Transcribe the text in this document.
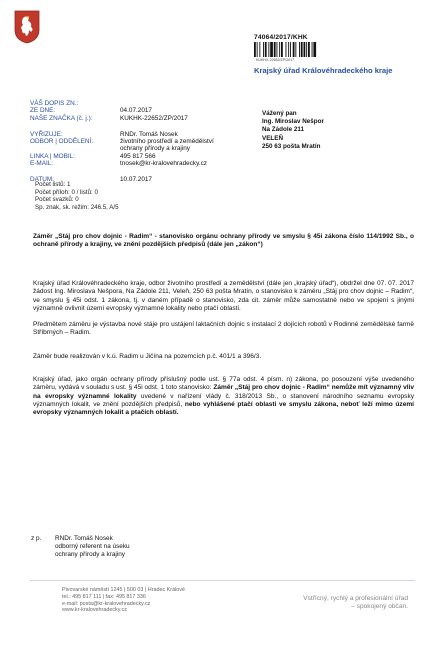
74064/2017/KHK
KUKHX-22652/ZP/2017
Krajský úřad Královéhradeckého kraje
VÁŠ DOPIS ZN.:
ZE DNE:	04.07.2017
NAŠE ZNAČKA (č. j.):	KUKHK-22652/ZP/2017
VYŘIZUJE:	RNDr. Tomáš Nosek
ODBOR | ODDĚLENÍ:	životního prostředí a zemědělství
ochrany přírody a krajiny
LINKA | MOBIL:	495 817 566
E-MAIL:	tnosek@kr-kralovehradecky.cz
DATUM:	10.07.2017
Vážený pan
Ing. Miroslav Nešpor
Na Zádole 211
VELEŇ
250 63 pošta Mratín
Počet listů: 1
Počet příloh: 0 / listů: 0
Počet svazků: 0
Sp. znak, sk. režim: 246.5, A/5
Záměr „Stáj pro chov dojnic - Radim“ - stanovisko orgánu ochrany přírody ve smyslu § 45i zákona číslo 114/1992 Sb., o ochraně přírody a krajiny, ve znění pozdějších předpisů (dále jen „zákon“)
Krajský úřad Královéhradeckého kraje, odbor životního prostředí a zemědělství (dále jen „krajský úřad“), obdržel dne 07. 07. 2017 žádost Ing. Miroslava Nešpora, Na Zádole 211, Veleň, 250 63 pošta Mratín, o stanovisko k záměru „Stáj pro chov dojnic – Radim“, ve smyslu § 45i odst. 1 zákona, tj. v daném případě o stanovisko, zda cit. záměr může samostatně nebo ve spojení s jinými významně ovlivnit území evropsky významné lokality nebo ptačí oblasti.
Předmětem záměru je výstavba nové stáje pro ustájení laktačních dojnic s instalací 2 dojících robotů v Rodinné zemědělské farmě Stříbrných – Radim.
Záměr bude realizován v k.ú. Radim u Jičína na pozemcích p.č. 401/1 a 396/3.
Krajský úřad, jako orgán ochrany přírody příslušný podle ust. § 77a odst. 4 písm. n) zákona, po posouzení výše uvedeného záměru, vydává v souladu s ust. § 45i odst. 1 toto stanovisko: Záměr „Stáj pro chov dojnic - Radim“ nemůže mít významný vliv na evropsky významné lokality uvedené v nařízení vlády č. 318/2013 Sb., o stanovení národního seznamu evropsky významných lokalit, ve znění pozdějších předpisů, nebo vyhlášené ptačí oblasti ve smyslu zákona, neboť leží mimo území evropsky významných lokalit a ptačích oblastí.
z p. RNDr. Tomáš Nosek
odborný referent na úseku
ochrany přírody a krajiny
Pivovarské náměstí 1245 | 500 03 | Hradec Králové
tel.: 495 817 111 | fax: 495 817 336
e-mail: posta@kr-kralovehradecky.cz
www.kr-kralovehradecky.cz
Vstřícný, rychlý a profesionální úřad
– spokojený občan.
